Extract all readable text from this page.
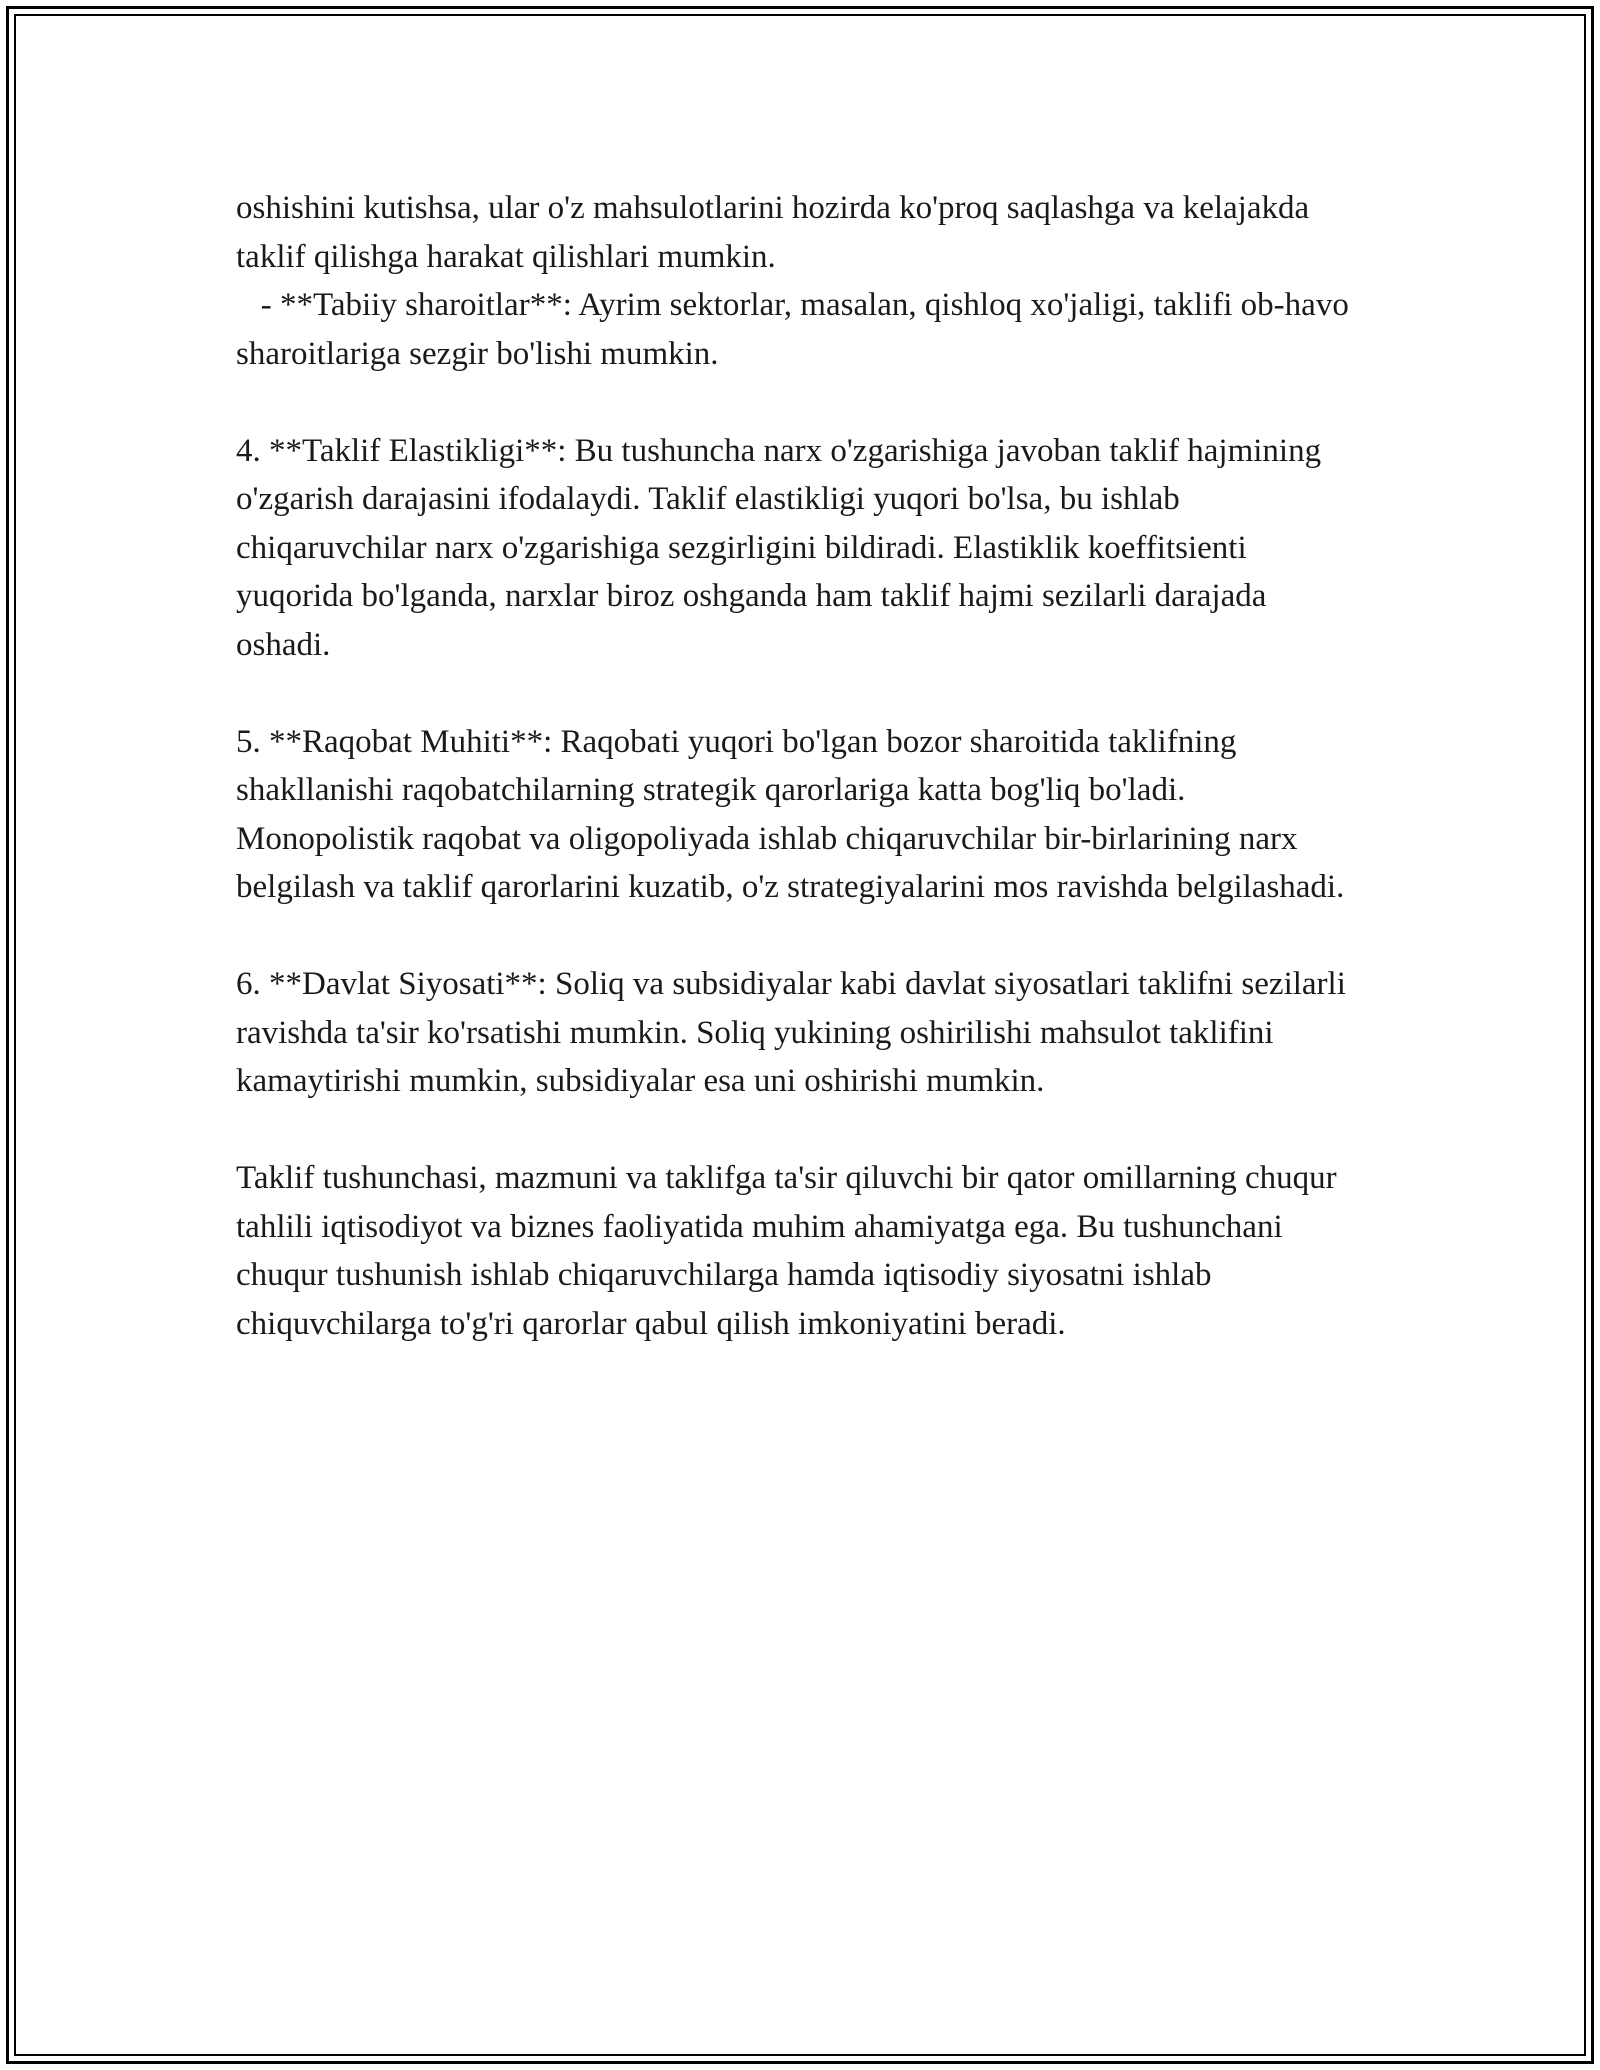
oshishini kutishsa, ular o'z mahsulotlarini hozirda ko'proq saqlashga va kelajakda taklif qilishga harakat qilishlari mumkin.

- **Tabiiy sharoitlar**: Ayrim sektorlar, masalan, qishloq xo'jaligi, taklifi ob-havo sharoitlariga sezgir bo'lishi mumkin.

4. **Taklif Elastikligi**: Bu tushuncha narx o'zgarishiga javoban taklif hajmining o'zgarish darajasini ifodalaydi. Taklif elastikligi yuqori bo'lsa, bu ishlab chiqaruvchilar narx o'zgarishiga sezgirligini bildiradi. Elastiklik koeffitsienti yuqorida bo'lganda, narxlar biroz oshganda ham taklif hajmi sezilarli darajada oshadi.

5. **Raqobat Muhiti**: Raqobati yuqori bo'lgan bozor sharoitida taklifning shakllanishi raqobatchilarning strategik qarorlariga katta bog'liq bo'ladi. Monopolistik raqobat va oligopoliyada ishlab chiqaruvchilar bir-birlarining narx belgilash va taklif qarorlarini kuzatib, o'z strategiyalarini mos ravishda belgilashadi.

6. **Davlat Siyosati**: Soliq va subsidiyalar kabi davlat siyosatlari taklifni sezilarli ravishda ta'sir ko'rsatishi mumkin. Soliq yukining oshirilishi mahsulot taklifini kamaytirishi mumkin, subsidiyalar esa uni oshirishi mumkin.

Taklif tushunchasi, mazmuni va taklifga ta'sir qiluvchi bir qator omillarning chuqur tahlili iqtisodiyot va biznes faoliyatida muhim ahamiyatga ega. Bu tushunchani chuqur tushunish ishlab chiqaruvchilarga hamda iqtisodiy siyosatni ishlab chiquvchilarga to'g'ri qarorlar qabul qilish imkoniyatini beradi.
